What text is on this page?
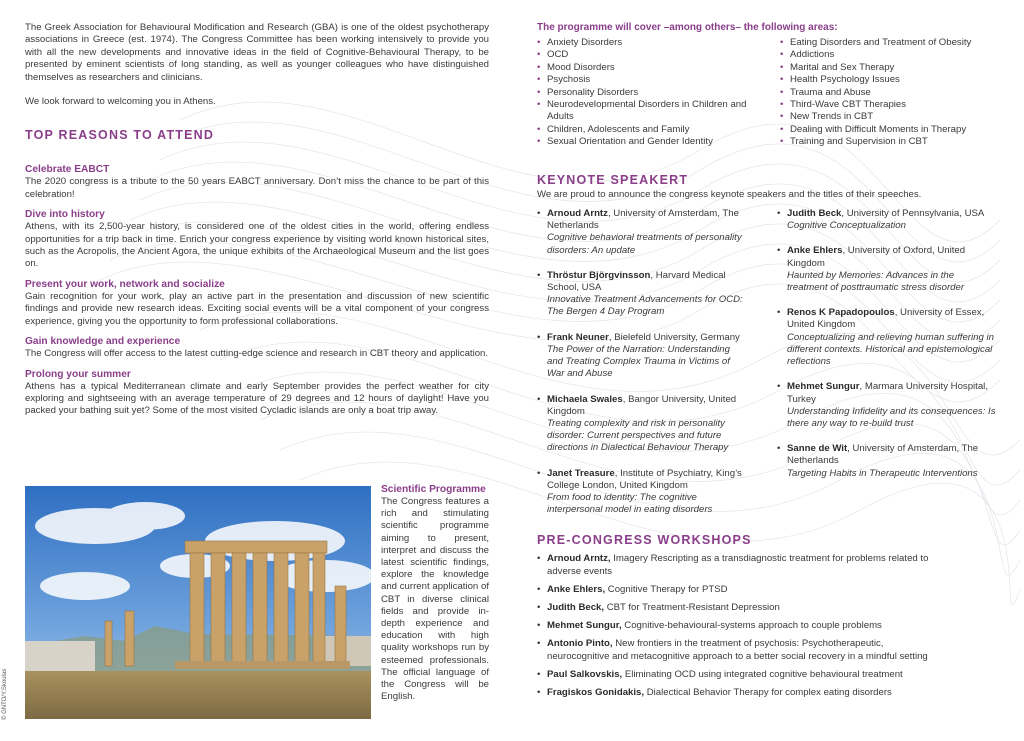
The Greek Association for Behavioural Modification and Research (GBA) is one of the oldest psychotherapy associations in Greece (est. 1974). The Congress Committee has been working intensively to provide you with all the new developments and innovative ideas in the field of Cognitive-Behavioural Therapy, to be presented by eminent scientists of long standing, as well as younger colleagues who have distinguished themselves as researchers and clinicians.

We look forward to welcoming you in Athens.

TOP REASONS TO ATTEND
Celebrate EABCT

The 2020 congress is a tribute to the 50 years EABCT anniversary. Don’t miss the chance to be part of this celebration!

Dive into history

Athens, with its 2,500-year history, is considered one of the oldest cities in the world, offering endless opportunities for a trip back in time. Enrich your congress experience by visiting world known historical sites, such as the Acropolis, the Ancient Agora, the unique exhibits of the Archaeological Museum and the list goes on.

Present your work, network and socialize

Gain recognition for your work, play an active part in the presentation and discussion of new scientific findings and provide new research ideas. Exciting social events will be a vital component of your congress experience, giving you the opportunity to form professional collaborations.

Gain knowledge and experience

The Congress will offer access to the latest cutting-edge science and research in CBT theory and application.

Prolong your summer

Athens has a typical Mediterranean climate and early September provides the perfect weather for city exploring and sightseeing with an average temperature of 29 degrees and 12 hours of daylight! Have you packed your bathing suit yet? Some of the most visited Cycladic islands are only a boat trip away.

© GNTO/Y.Skoulas
Scientific Programme

The Congress features a rich and stimulating scientific programme aiming to present, interpret and discuss the latest scientific findings, explore the knowledge and current application of CBT in diverse clinical fields and provide in-depth experience and education with high quality workshops run by esteemed professionals. The official language of the Congress will be English.

The programme will cover –among others– the following areas:
• Anxiety Disorders
• OCD
• Mood Disorders
• Psychosis
• Personality Disorders
• Neurodevelopmental Disorders in Children and Adults
• Children, Adolescents and Family
• Sexual Orientation and Gender Identity
• Eating Disorders and Treatment of Obesity
• Addictions
• Marital and Sex Therapy
• Health Psychology Issues
• Trauma and Abuse
• Third-Wave CBT Therapies
• New Trends in CBT
• Dealing with Difficult Moments in Therapy
• Training and Supervision in CBT
KEYNOTE SPEAKERT

We are proud to announce the congress keynote speakers and the titles of their speeches.

• Arnoud Arntz, University of Amsterdam, The Netherlands
Cognitive behavioral treatments of personality disorders: An update
• Thröstur Björgvinsson, Harvard Medical School, USA
Innovative Treatment Advancements for OCD: The Bergen 4 Day Program
• Frank Neuner, Bielefeld University, Germany
The Power of the Narration: Understanding and Treating Complex Trauma in Victims of War and Abuse
• Michaela Swales, Bangor University, United Kingdom
Treating complexity and risk in personality disorder: Current perspectives and future directions in Dialectical Behaviour Therapy
• Janet Treasure, Institute of Psychiatry, King’s College London, United Kingdom
From food to identity: The cognitive interpersonal model in eating disorders
• Judith Beck, University of Pennsylvania, USA
Cognitive Conceptualization
• Anke Ehlers, University of Oxford, United Kingdom
Haunted by Memories: Advances in the treatment of posttraumatic stress disorder
• Renos K Papadopoulos, University of Essex, United Kingdom
Conceptualizing and relieving human suffering in different contexts. Historical and epistemological reflections
• Mehmet Sungur, Marmara University Hospital, Turkey
Understanding Infidelity and its consequences: Is there any way to re-build trust
• Sanne de Wit, University of Amsterdam, The Netherlands
Targeting Habits in Therapeutic Interventions
PRE-CONGRESS WORKSHOPS
• Arnoud Arntz, Imagery Rescripting as a transdiagnostic treatment for problems related to adverse events
• Anke Ehlers, Cognitive Therapy for PTSD
• Judith Beck, CBT for Treatment-Resistant Depression
• Mehmet Sungur, Cognitive-behavioural-systems approach to couple problems
• Antonio Pinto, New frontiers in the treatment of psychosis: Psychotherapeutic, neurocognitive and metacognitive approach to a better social recovery in a mindful setting
• Paul Salkovskis, Eliminating OCD using integrated cognitive behavioural treatment
• Fragiskos Gonidakis, Dialectical Behavior Therapy for complex eating disorders
